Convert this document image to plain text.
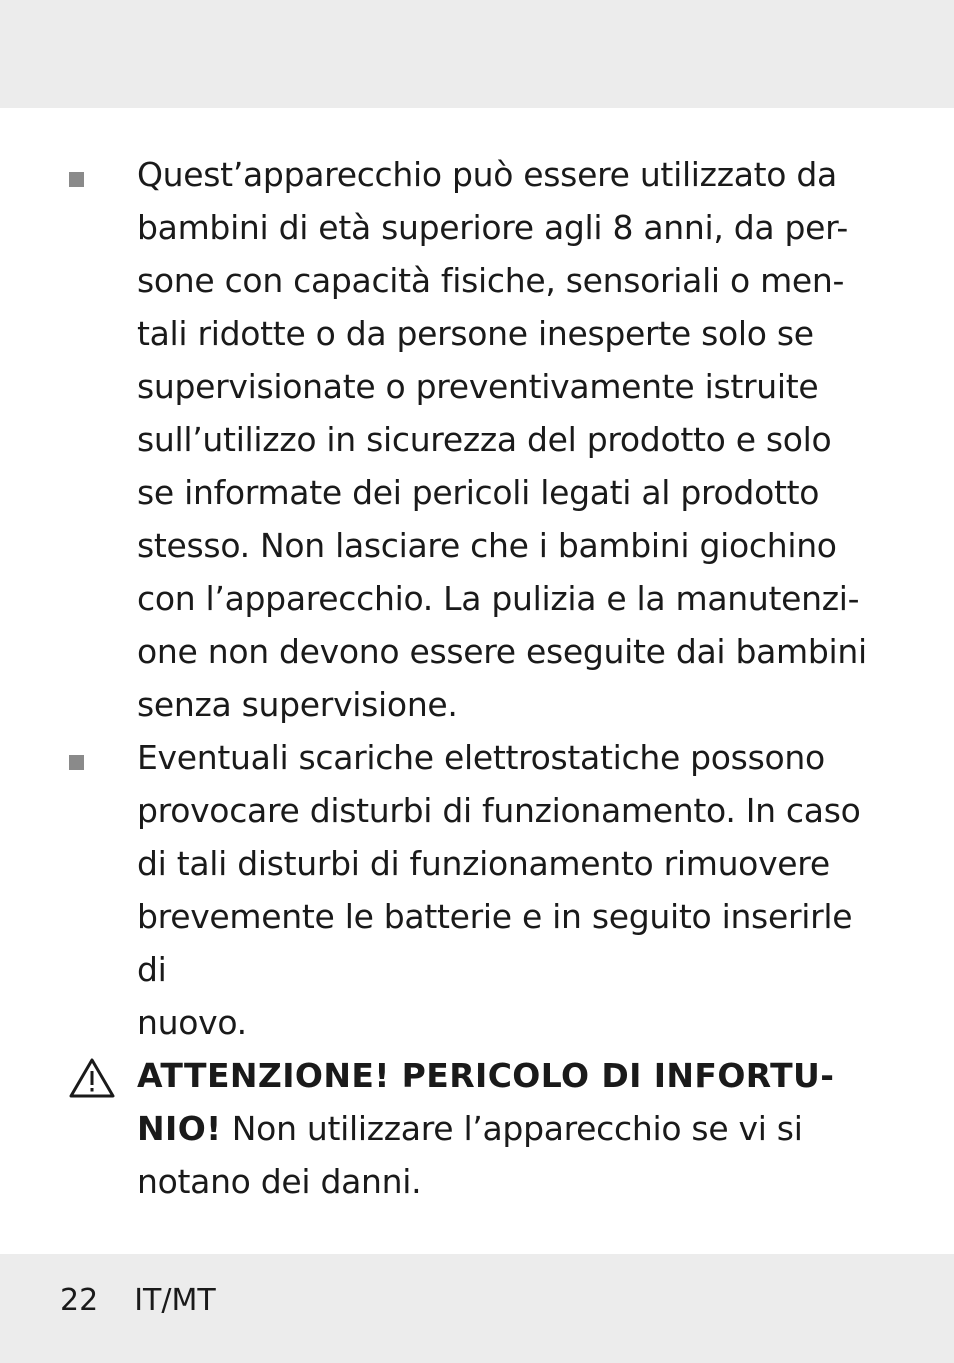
Quest’apparecchio può essere utilizzato da

bambini di età superiore agli 8 anni, da per-

sone con capacità fisiche, sensoriali o men-

tali ridotte o da persone inesperte solo se

supervisionate o preventivamente istruite

sull’utilizzo in sicurezza del prodotto e solo

se informate dei pericoli legati al prodotto

stesso. Non lasciare che i bambini giochino

con l’apparecchio. La pulizia e la manutenzi-

one non devono essere eseguite dai bambini

senza supervisione.

Eventuali scariche elettrostatiche possono

provocare disturbi di funzionamento. In caso

di tali disturbi di funzionamento rimuovere

brevemente le batterie e in seguito inserirle di

nuovo.

ATTENZIONE! PERICOLO DI INFORTU-

NIO! Non utilizzare l’apparecchio se vi si

notano dei danni.

22 IT/MT
